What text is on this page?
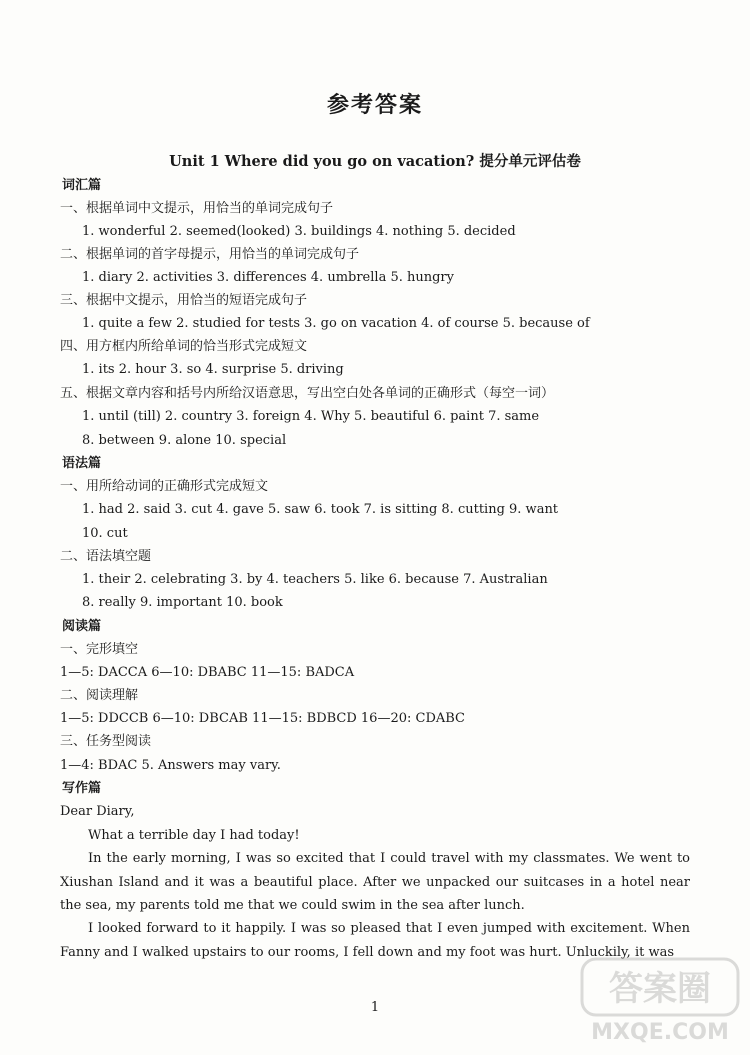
参考答案
Unit 1 Where did you go on vacation? 提分单元评估卷
词汇篇
一、根据单词中文提示，用恰当的单词完成句子
1. wonderful 2. seemed(looked) 3. buildings 4. nothing 5. decided
二、根据单词的首字母提示，用恰当的单词完成句子
1. diary 2. activities 3. differences 4. umbrella 5. hungry
三、根据中文提示，用恰当的短语完成句子
1. quite a few 2. studied for tests 3. go on vacation 4. of course 5. because of
四、用方框内所给单词的恰当形式完成短文
1. its 2. hour 3. so 4. surprise 5. driving
五、根据文章内容和括号内所给汉语意思，写出空白处各单词的正确形式（每空一词）
1. until (till) 2. country 3. foreign 4. Why 5. beautiful 6. paint 7. same
8. between 9. alone 10. special
语法篇
一、用所给动词的正确形式完成短文
1. had 2. said 3. cut 4. gave 5. saw 6. took 7. is sitting 8. cutting 9. want
10. cut
二、语法填空题
1. their 2. celebrating 3. by 4. teachers 5. like 6. because 7. Australian
8. really 9. important 10. book
阅读篇
一、完形填空
1—5: DACCA 6—10: DBABC 11—15: BADCA
二、阅读理解
1—5: DDCCB 6—10: DBCAB 11—15: BDBCD 16—20: CDABC
三、任务型阅读
1—4: BDAC 5. Answers may vary.
写作篇
Dear Diary,
What a terrible day I had today!
In the early morning, I was so excited that I could travel with my classmates. We went to Xiushan Island and it was a beautiful place. After we unpacked our suitcases in a hotel near the sea, my parents told me that we could swim in the sea after lunch.
I looked forward to it happily. I was so pleased that I even jumped with excitement. When Fanny and I walked upstairs to our rooms, I fell down and my foot was hurt. Unluckily, it was
1	答案圈
MXQE.COM
